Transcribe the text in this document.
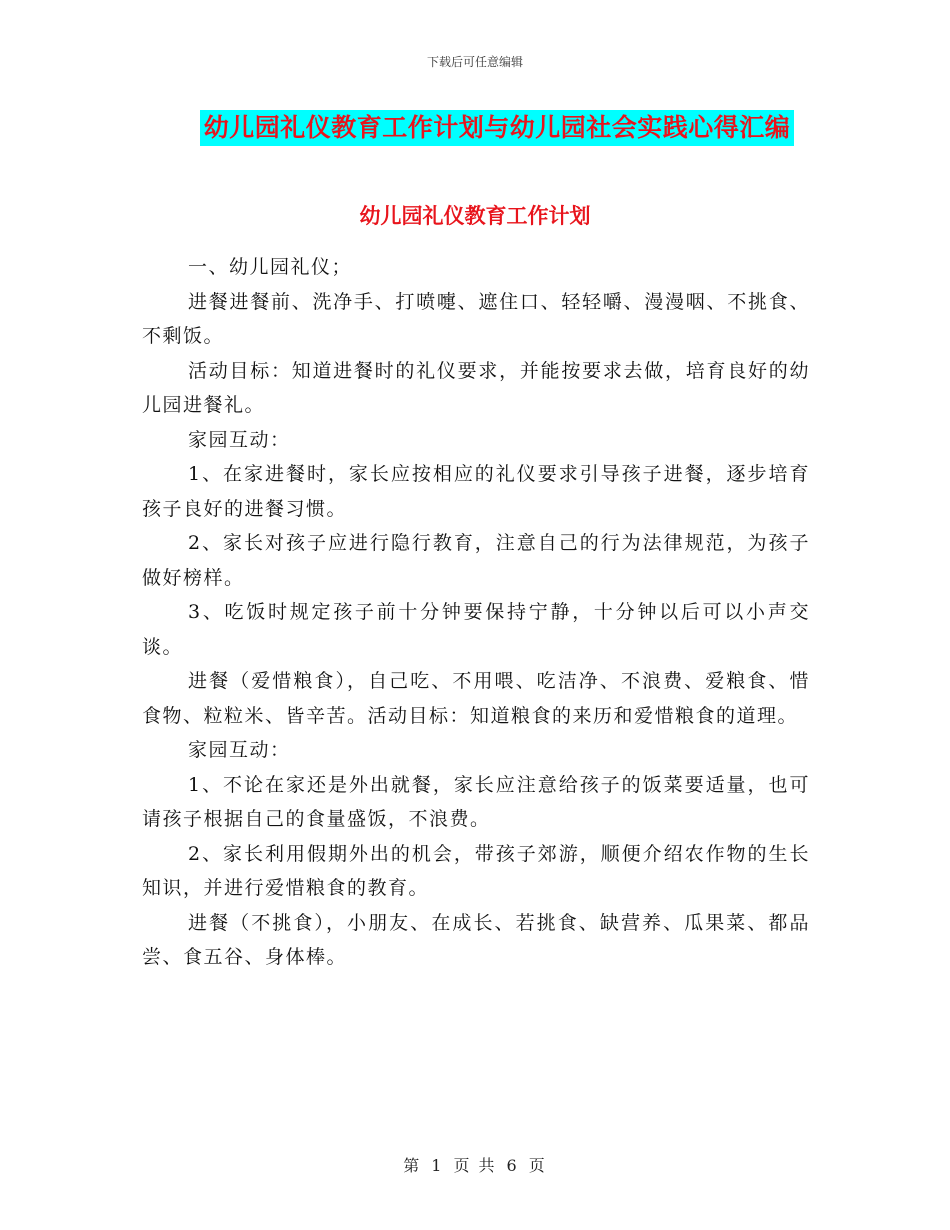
下载后可任意编辑
幼儿园礼仪教育工作计划与幼儿园社会实践心得汇编
幼儿园礼仪教育工作计划

一、幼儿园礼仪；

进餐进餐前、洗净手、打喷嚏、遮住口、轻轻嚼、漫漫咽、不挑食、不剩饭。

活动目标：知道进餐时的礼仪要求，并能按要求去做，培育良好的幼儿园进餐礼。

家园互动：

1、在家进餐时，家长应按相应的礼仪要求引导孩子进餐，逐步培育孩子良好的进餐习惯。

2、家长对孩子应进行隐行教育，注意自己的行为法律规范，为孩子做好榜样。

3、吃饭时规定孩子前十分钟要保持宁静，十分钟以后可以小声交谈。

进餐（爱惜粮食），自己吃、不用喂、吃洁净、不浪费、爱粮食、惜食物、粒粒米、皆辛苦。活动目标：知道粮食的来历和爱惜粮食的道理。

家园互动：

1、不论在家还是外出就餐，家长应注意给孩子的饭菜要适量，也可请孩子根据自己的食量盛饭，不浪费。

2、家长利用假期外出的机会，带孩子郊游，顺便介绍农作物的生长知识，并进行爱惜粮食的教育。

进餐（不挑食），小朋友、在成长、若挑食、缺营养、瓜果菜、都品尝、食五谷、身体棒。

第 1 页 共 6 页
